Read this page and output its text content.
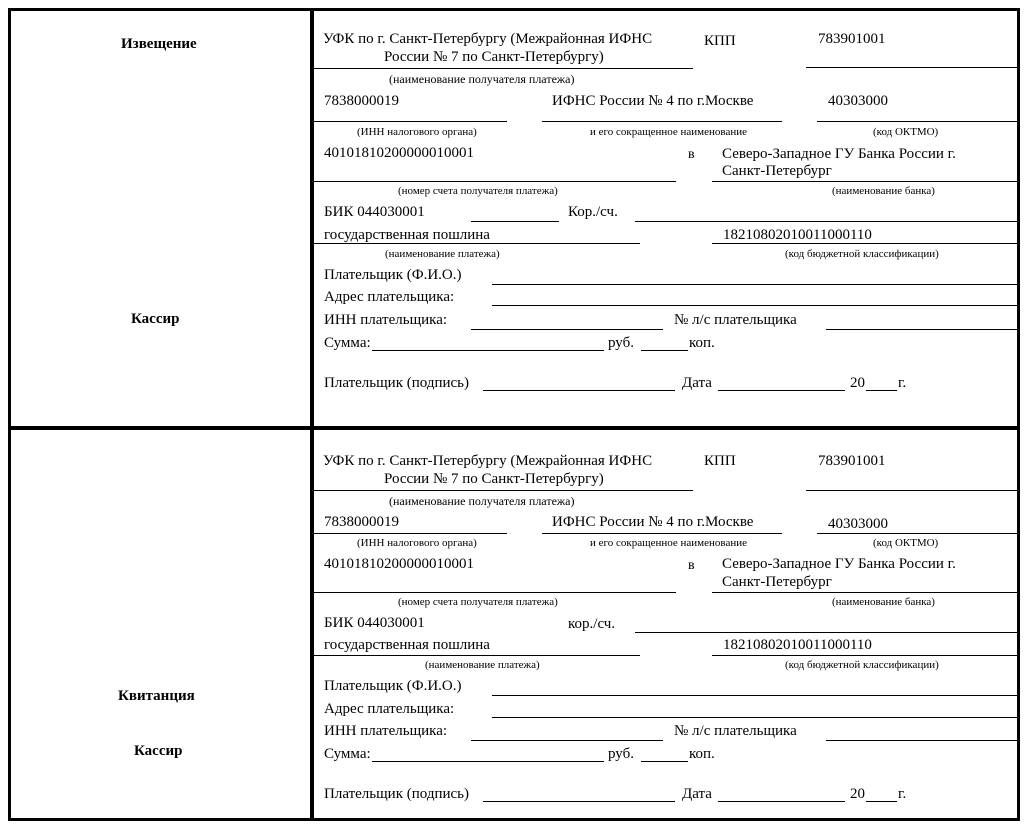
Извещение
Кассир
УФК по г. Санкт-Петербургу (Межрайонная ИФНС
России № 7 по Санкт-Петербургу)
КПП	783901001
(наименование получателя платежа)
7838000019	ИФНС России № 4 по г.Москве	40303000
(ИНН налогового органа)	и его сокращенное наименование	(код ОКТМО)
40101810200000010001	в Северо-Западное ГУ Банка России г.
Санкт-Петербург
(номер счета получателя платежа)	(наименование банка)
БИК 044030001	Кор./сч.
государственная пошлина	18210802010011000110
(наименование платежа)	(код бюджетной классификации)
Плательщик (Ф.И.О.)
Адрес плательщика:
ИНН плательщика:	№ л/с плательщика
Сумма:	руб.	коп.
Плательщик (подпись)	Дата	20 г.
Квитанция
Кассир
УФК по г. Санкт-Петербургу (Межрайонная ИФНС
России № 7 по Санкт-Петербургу)
КПП	783901001
(наименование получателя платежа)
7838000019	ИФНС России № 4 по г.Москве	40303000
(ИНН налогового органа)	и его сокращенное наименование	(код ОКТМО)
40101810200000010001	в Северо-Западное ГУ Банка России г.
Санкт-Петербург
(номер счета получателя платежа)	(наименование банка)
БИК 044030001	кор./сч.
государственная пошлина	18210802010011000110
(наименование платежа)	(код бюджетной классификации)
Плательщик (Ф.И.О.)
Адрес плательщика:
ИНН плательщика:	№ л/с плательщика
Сумма:	руб.	коп.
Плательщик (подпись)	Дата	20 г.
